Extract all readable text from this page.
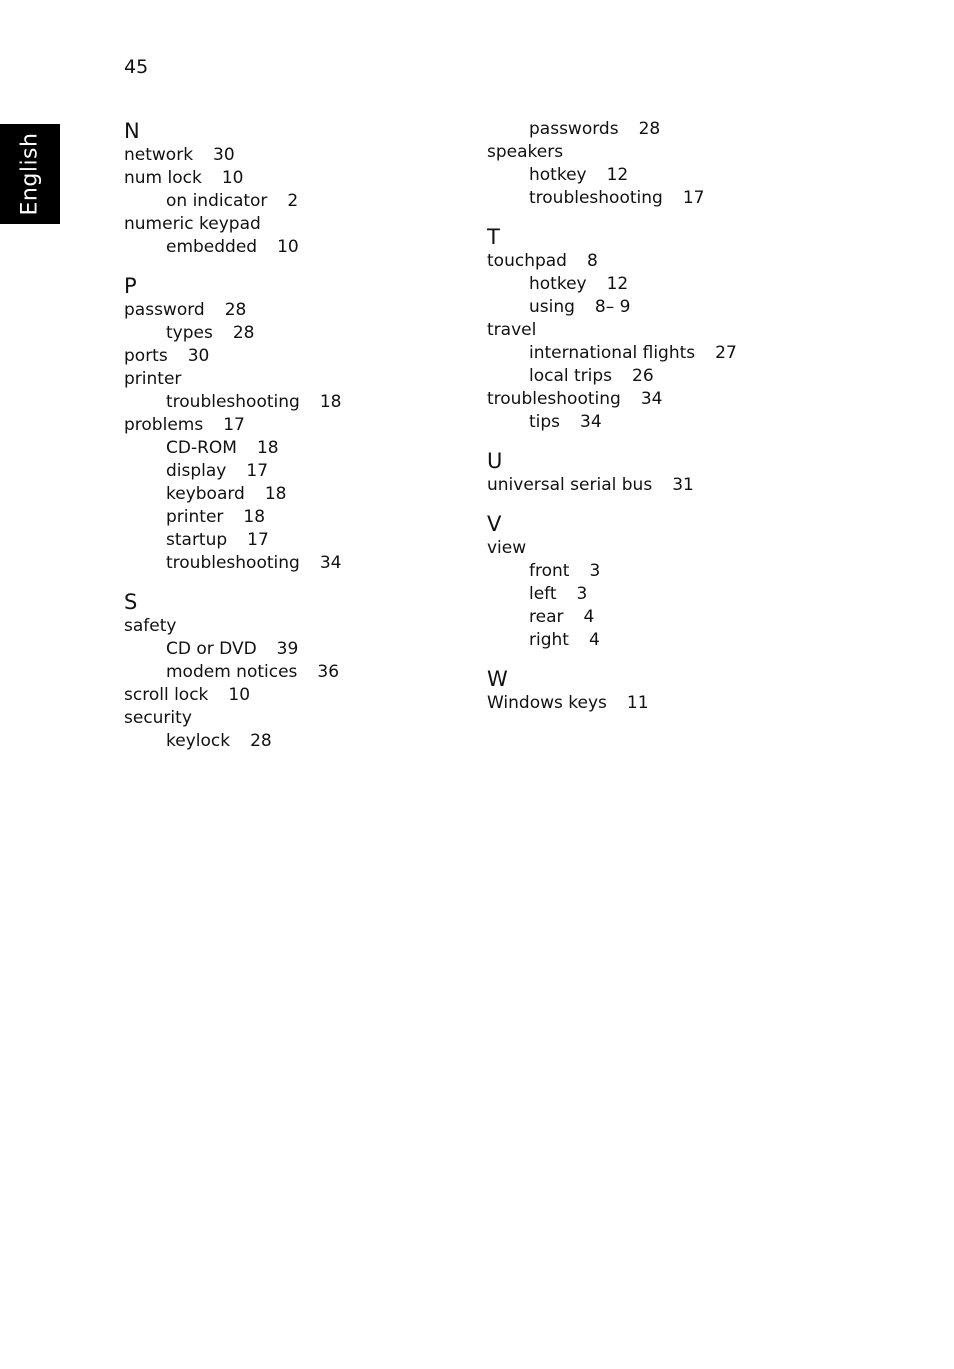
45
English
N
network 30
num lock 10
on indicator 2
numeric keypad
embedded 10
P
password 28
types 28
ports 30
printer
troubleshooting 18
problems 17
CD-ROM 18
display 17
keyboard 18
printer 18
startup 17
troubleshooting 34
S
safety
CD or DVD 39
modem notices 36
scroll lock 10
security
keylock 28
passwords 28
speakers
hotkey 12
troubleshooting 17
T
touchpad 8
hotkey 12
using 8– 9
travel
international flights 27
local trips 26
troubleshooting 34
tips 34
U
universal serial bus 31
V
view
front 3
left 3
rear 4
right 4
W
Windows keys 11
